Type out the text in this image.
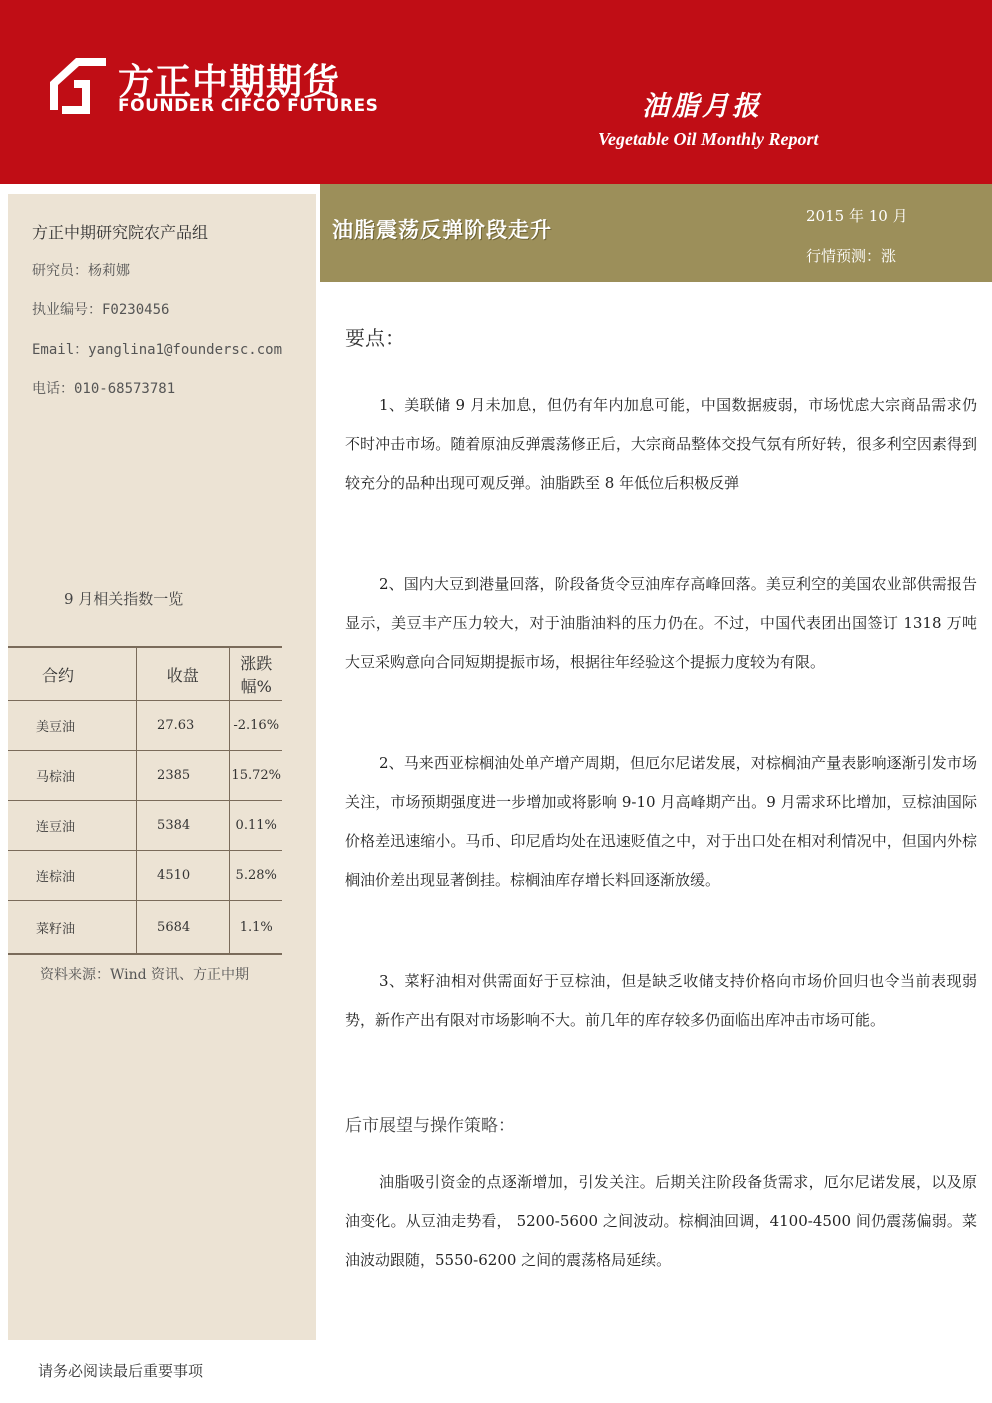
方正中期期货
FOUNDER CIFCO FUTURES	油脂月报
Vegetable Oil Monthly Report
方正中期研究院农产品组
研究员：杨莉娜
执业编号：F0230456
Email：yanglina1@foundersc.com
电话：010-68573781
9 月相关指数一览
合约	收盘	涨跌幅%
美豆油	27.63	-2.16%
马棕油	2385	15.72%
连豆油	5384	0.11%
连棕油	4510	5.28%
菜籽油	5684	1.1%
资料来源：Wind 资讯、方正中期
油脂震荡反弹阶段走升
2015 年 10 月
行情预测：涨
要点：
1、美联储 9 月未加息，但仍有年内加息可能，中国数据疲弱，市场忧虑大宗商品需求仍不时冲击市场。随着原油反弹震荡修正后，大宗商品整体交投气氛有所好转，很多利空因素得到较充分的品种出现可观反弹。油脂跌至 8 年低位后积极反弹
2、国内大豆到港量回落，阶段备货令豆油库存高峰回落。美豆利空的美国农业部供需报告显示，美豆丰产压力较大，对于油脂油料的压力仍在。不过，中国代表团出国签订 1318 万吨大豆采购意向合同短期提振市场，根据往年经验这个提振力度较为有限。
2、马来西亚棕榈油处单产增产周期，但厄尔尼诺发展，对棕榈油产量表影响逐渐引发市场关注，市场预期强度进一步增加或将影响 9-10 月高峰期产出。9 月需求环比增加，豆棕油国际价格差迅速缩小。马币、印尼盾均处在迅速贬值之中，对于出口处在相对利情况中，但国内外棕榈油价差出现显著倒挂。棕榈油库存增长料回逐渐放缓。
3、菜籽油相对供需面好于豆棕油，但是缺乏收储支持价格向市场价回归也令当前表现弱势，新作产出有限对市场影响不大。前几年的库存较多仍面临出库冲击市场可能。
后市展望与操作策略：
油脂吸引资金的点逐渐增加，引发关注。后期关注阶段备货需求，厄尔尼诺发展，以及原油变化。从豆油走势看， 5200-5600 之间波动。棕榈油回调，4100-4500 间仍震荡偏弱。菜油波动跟随，5550-6200 之间的震荡格局延续。
请务必阅读最后重要事项
